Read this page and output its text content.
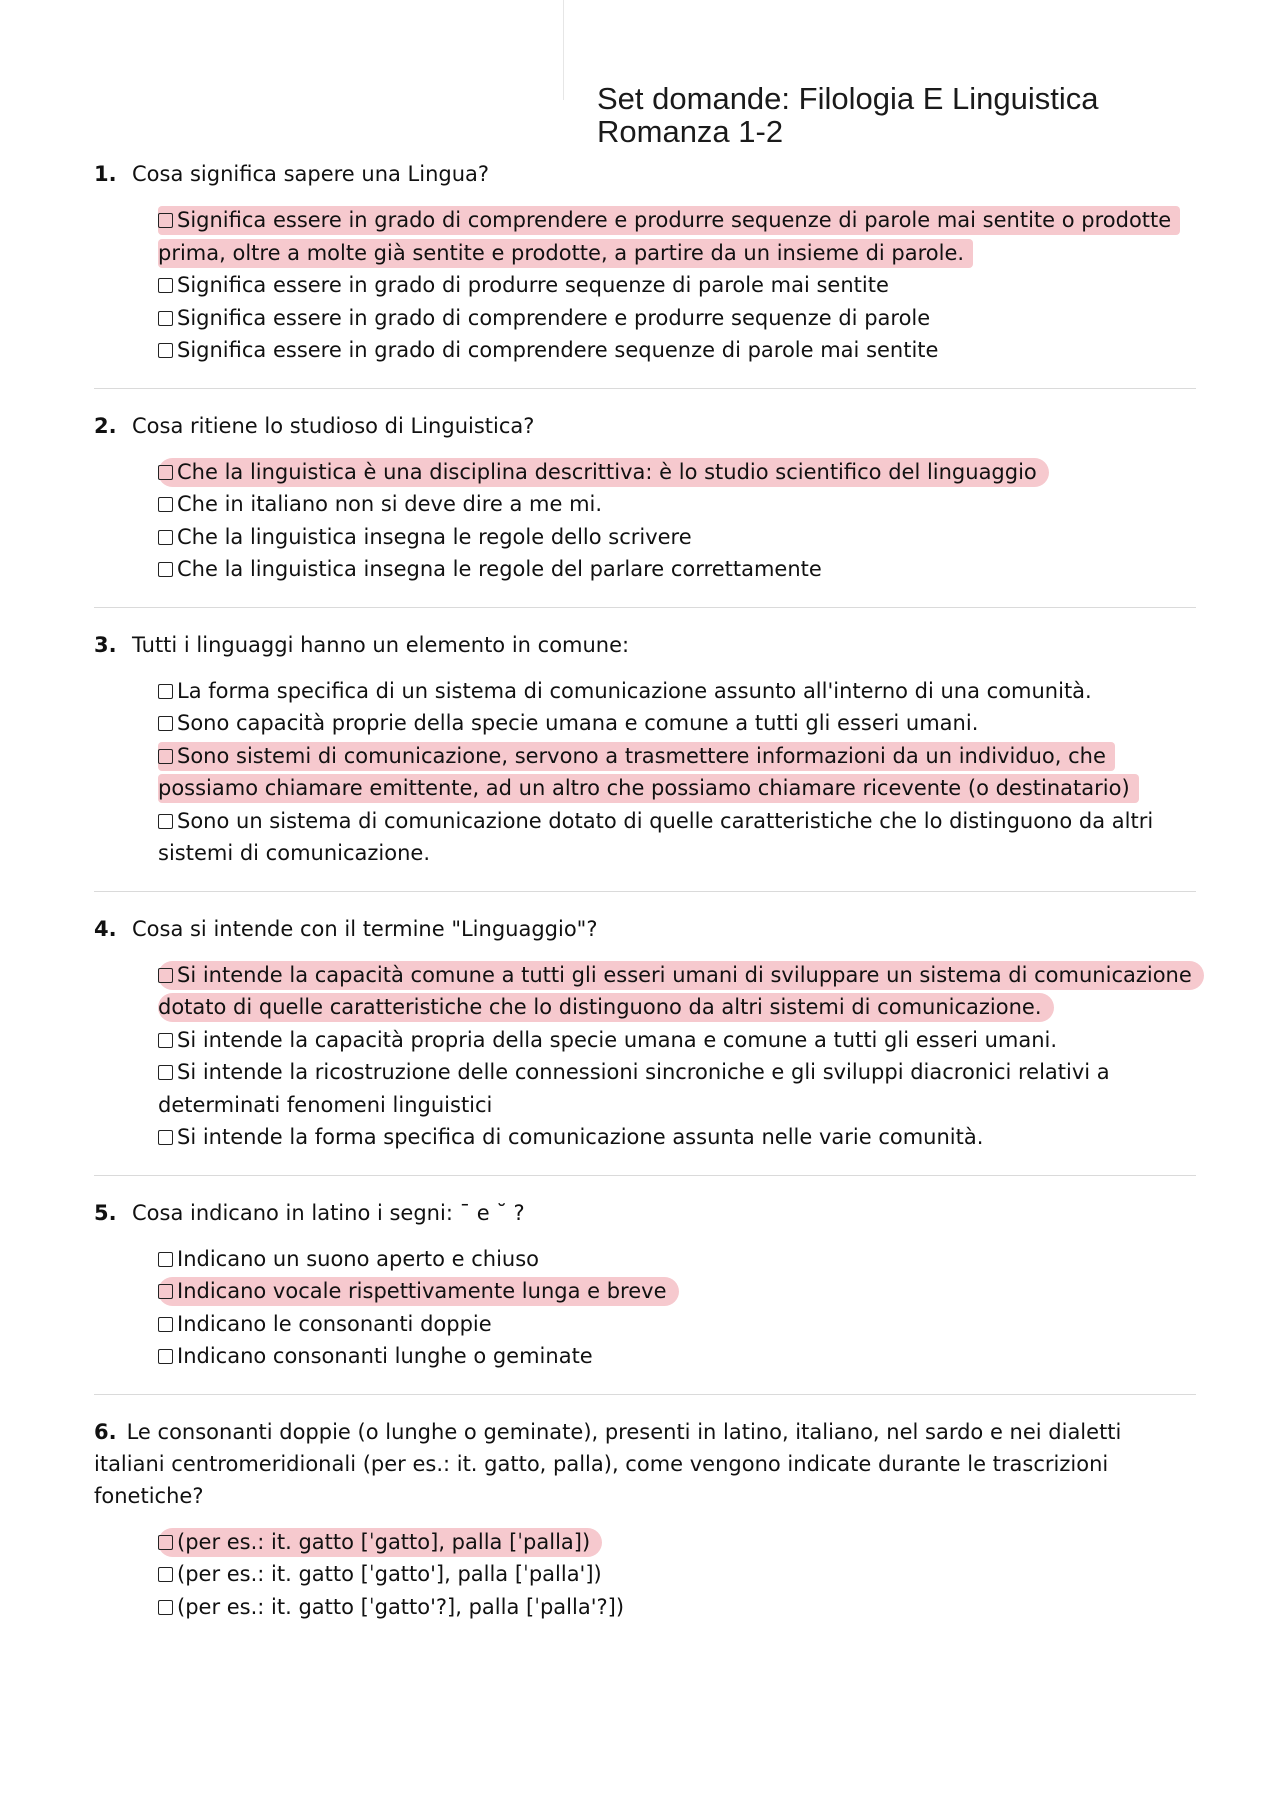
Set domande: Filologia E Linguistica Romanza 1-2

1. Cosa significa sapere una Lingua?

Significa essere in grado di comprendere e produrre sequenze di parole mai sentite o prodotte prima, oltre a molte già sentite e prodotte, a partire da un insieme di parole.
Significa essere in grado di produrre sequenze di parole mai sentite
Significa essere in grado di comprendere e produrre sequenze di parole
Significa essere in grado di comprendere sequenze di parole mai sentite

2. Cosa ritiene lo studioso di Linguistica?

Che la linguistica è una disciplina descrittiva: è lo studio scientifico del linguaggio
Che in italiano non si deve dire a me mi.
Che la linguistica insegna le regole dello scrivere
Che la linguistica insegna le regole del parlare correttamente

3. Tutti i linguaggi hanno un elemento in comune:

La forma specifica di un sistema di comunicazione assunto all'interno di una comunità.
Sono capacità proprie della specie umana e comune a tutti gli esseri umani.
Sono sistemi di comunicazione, servono a trasmettere informazioni da un individuo, che possiamo chiamare emittente, ad un altro che possiamo chiamare ricevente (o destinatario)
Sono un sistema di comunicazione dotato di quelle caratteristiche che lo distinguono da altri sistemi di comunicazione.

4. Cosa si intende con il termine "Linguaggio"?

Si intende la capacità comune a tutti gli esseri umani di sviluppare un sistema di comunicazione dotato di quelle caratteristiche che lo distinguono da altri sistemi di comunicazione.
Si intende la capacità propria della specie umana e comune a tutti gli esseri umani.
Si intende la ricostruzione delle connessioni sincroniche e gli sviluppi diacronici relativi a determinati fenomeni linguistici
Si intende la forma specifica di comunicazione assunta nelle varie comunità.

5. Cosa indicano in latino i segni: ¯ e ˘ ?

Indicano un suono aperto e chiuso
Indicano vocale rispettivamente lunga e breve
Indicano le consonanti doppie
Indicano consonanti lunghe o geminate

6. Le consonanti doppie (o lunghe o geminate), presenti in latino, italiano, nel sardo e nei dialetti italiani centromeridionali (per es.: it. gatto, palla), come vengono indicate durante le trascrizioni fonetiche?

(per es.: it. gatto [ˈgatto], palla [ˈpalla])
(per es.: it. gatto [ˈgatto'], palla [ˈpalla'])
(per es.: it. gatto [ˈgatto'?], palla [ˈpalla'?])
